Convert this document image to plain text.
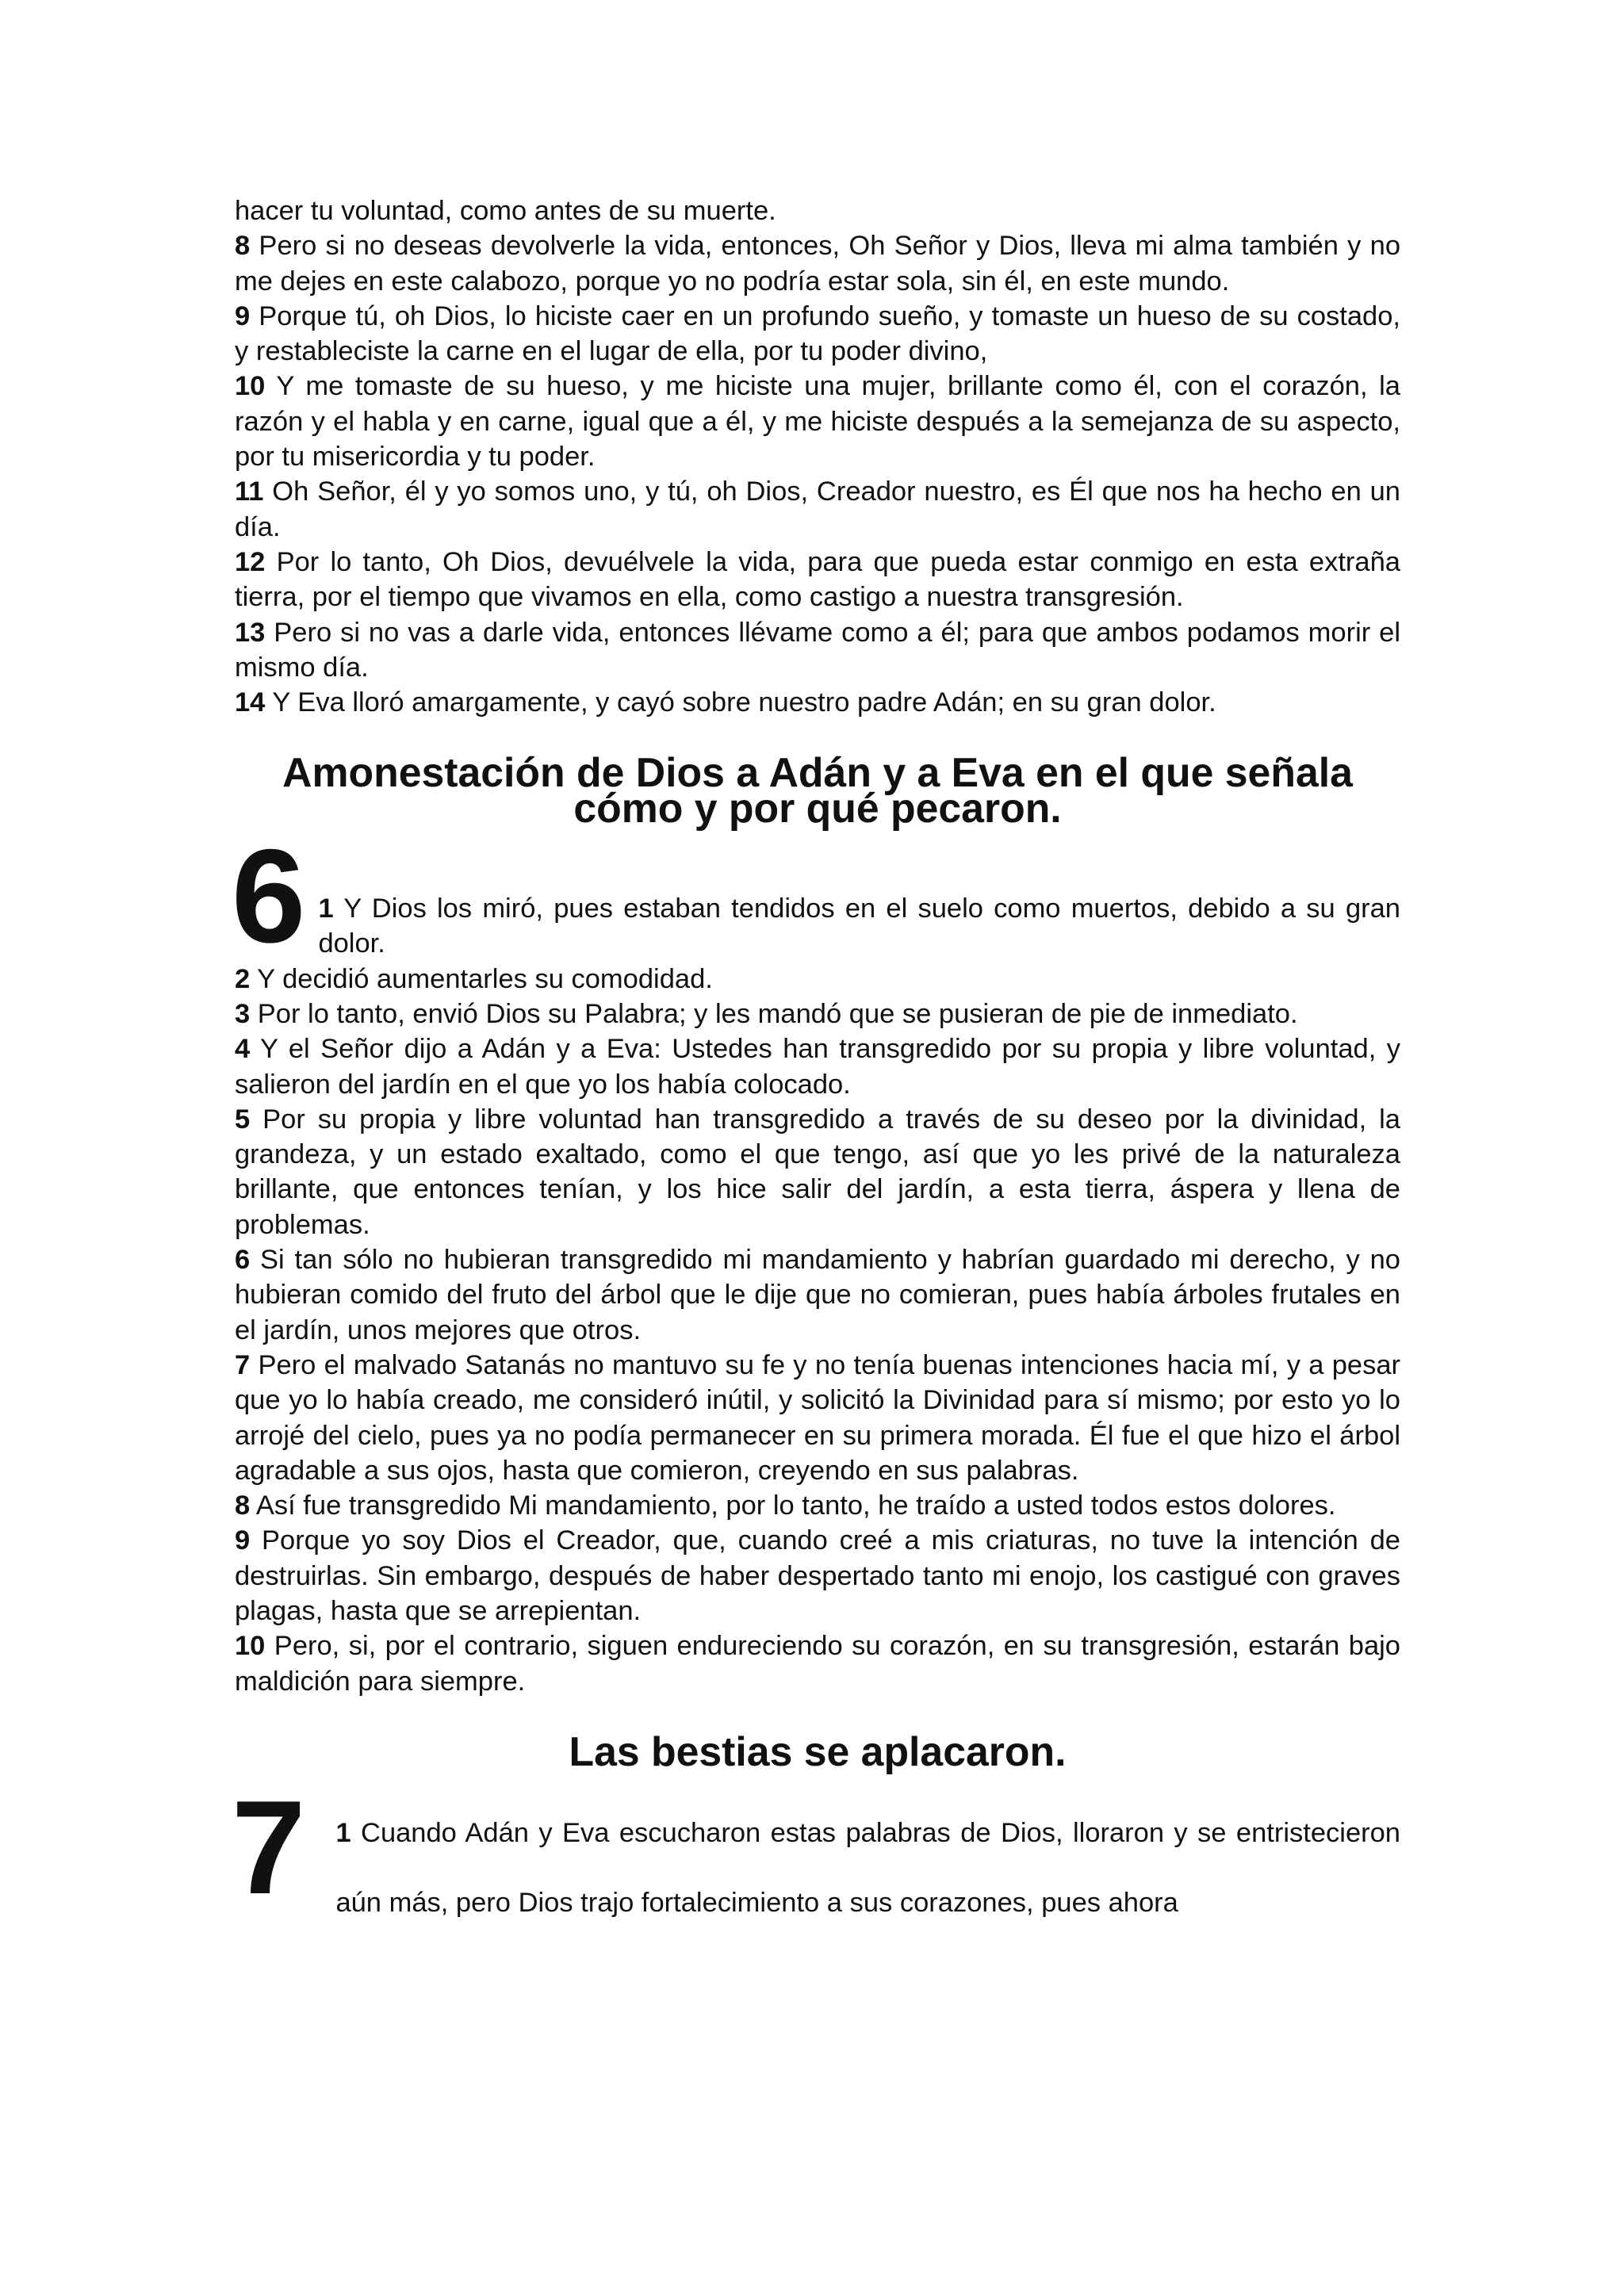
hacer tu voluntad, como antes de su muerte.

8 Pero si no deseas devolverle la vida, entonces, Oh Señor y Dios, lleva mi alma también y no me dejes en este calabozo, porque yo no podría estar sola, sin él, en este mundo.

9 Porque tú, oh Dios, lo hiciste caer en un profundo sueño, y tomaste un hueso de su costado, y restableciste la carne en el lugar de ella, por tu poder divino,

10 Y me tomaste de su hueso, y me hiciste una mujer, brillante como él, con el corazón, la razón y el habla y en carne, igual que a él, y me hiciste después a la semejanza de su aspecto, por tu misericordia y tu poder.

11 Oh Señor, él y yo somos uno, y tú, oh Dios, Creador nuestro, es Él que nos ha hecho en un día.

12 Por lo tanto, Oh Dios, devuélvele la vida, para que pueda estar conmigo en esta extraña tierra, por el tiempo que vivamos en ella, como castigo a nuestra transgresión.

13 Pero si no vas a darle vida, entonces llévame como a él; para que ambos podamos morir el mismo día.

14 Y Eva lloró amargamente, y cayó sobre nuestro padre Adán; en su gran dolor.

Amonestación de Dios a Adán y a Eva en el que señala cómo y por qué pecaron.

6 1 Y Dios los miró, pues estaban tendidos en el suelo como muertos, debido a su gran dolor.

2 Y decidió aumentarles su comodidad.

3 Por lo tanto, envió Dios su Palabra; y les mandó que se pusieran de pie de inmediato.

4 Y el Señor dijo a Adán y a Eva: Ustedes han transgredido por su propia y libre voluntad, y salieron del jardín en el que yo los había colocado.

5 Por su propia y libre voluntad han transgredido a través de su deseo por la divinidad, la grandeza, y un estado exaltado, como el que tengo, así que yo les privé de la naturaleza brillante, que entonces tenían, y los hice salir del jardín, a esta tierra, áspera y llena de problemas.

6 Si tan sólo no hubieran transgredido mi mandamiento y habrían guardado mi derecho, y no hubieran comido del fruto del árbol que le dije que no comieran, pues había árboles frutales en el jardín, unos mejores que otros.

7 Pero el malvado Satanás no mantuvo su fe y no tenía buenas intenciones hacia mí, y a pesar que yo lo había creado, me consideró inútil, y solicitó la Divinidad para sí mismo; por esto yo lo arrojé del cielo, pues ya no podía permanecer en su primera morada. Él fue el que hizo el árbol agradable a sus ojos, hasta que comieron, creyendo en sus palabras.

8 Así fue transgredido Mi mandamiento, por lo tanto, he traído a usted todos estos dolores.

9 Porque yo soy Dios el Creador, que, cuando creé a mis criaturas, no tuve la intención de destruirlas. Sin embargo, después de haber despertado tanto mi enojo, los castigué con graves plagas, hasta que se arrepientan.

10 Pero, si, por el contrario, siguen endureciendo su corazón, en su transgresión, estarán bajo maldición para siempre.

Las bestias se aplacaron.

7 1 Cuando Adán y Eva escucharon estas palabras de Dios, lloraron y se entristecieron aún más, pero Dios trajo fortalecimiento a sus corazones, pues ahora
